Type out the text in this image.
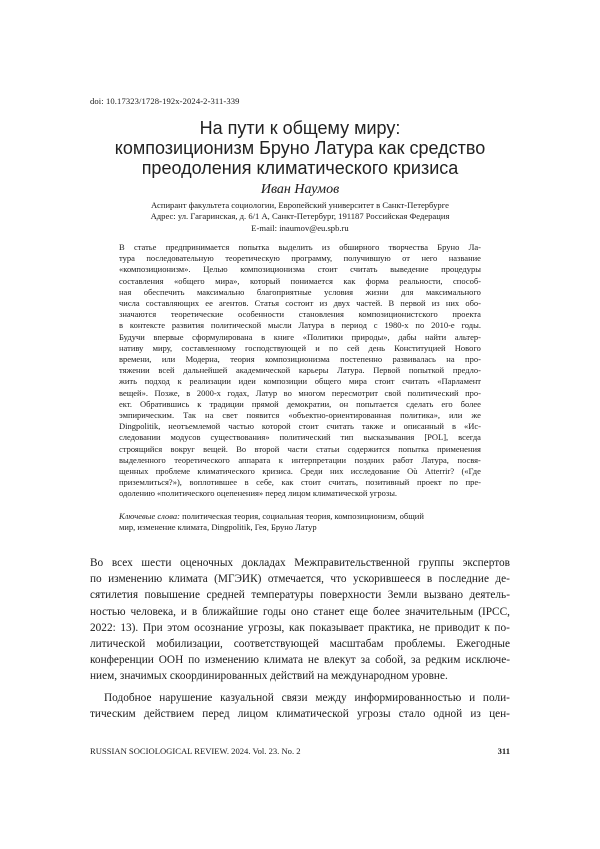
doi: 10.17323/1728-192x-2024-2-311-339
На пути к общему миру:
композиционизм Бруно Латура как средство
преодоления климатического кризиса
Иван Наумов
Аспирант факультета социологии, Европейский университет в Санкт-Петербурге
Адрес: ул. Гагаринская, д. 6/1 А, Санкт-Петербург, 191187 Российская Федерация
E-mail: inaumov@eu.spb.ru
В статье предпринимается попытка выделить из обширного творчества Бруно Ла-
тура последовательную теоретическую программу, получившую от него название
«композиционизм». Целью композиционизма стоит считать выведение процедуры
составления «общего мира», который понимается как форма реальности, способ-
ная обеспечить максимально благоприятные условия жизни для максимального
числа составляющих ее агентов. Статья состоит из двух частей. В первой из них обо-
значаются теоретические особенности становления композиционистского проекта
в контексте развития политической мысли Латура в период с 1980-х по 2010-е годы.
Будучи впервые сформулирована в книге «Политики природы», дабы найти альтер-
нативу миру, составленному господствующей и по сей день Конституцией Нового
времени, или Модерна, теория композиционизма постепенно развивалась на про-
тяжении всей дальнейшей академической карьеры Латура. Первой попыткой предло-
жить подход к реализации идеи композиции общего мира стоит считать «Парламент
вещей». Позже, в 2000-х годах, Латур во многом пересмотрит свой политический про-
ект. Обратившись к традиции прямой демократии, он попытается сделать его более
эмпирическим. Так на свет появится «объектно-ориентированная политика», или же
Dingpolitik, неотъемлемой частью которой стоит считать также и описанный в «Ис-
следовании модусов существования» политический тип высказывания [POL], всегда
строящийся вокруг вещей. Во второй части статьи содержится попытка применения
выделенного теоретического аппарата к интерпретации поздних работ Латура, посвя-
щенных проблеме климатического кризиса. Среди них исследование Où Atterrir? («Где
приземлиться?»), воплотившее в себе, как стоит считать, позитивный проект по пре-
одолению «политического оцепенения» перед лицом климатической угрозы.
Ключевые слова: политическая теория, социальная теория, композиционизм, общий
мир, изменение климата, Dingpolitik, Гея, Бруно Латур
Во всех шести оценочных докладах Межправительственной группы экспертов
по изменению климата (МГЭИК) отмечается, что ускорившееся в последние де-
сятилетия повышение средней температуры поверхности Земли вызвано деятель-
ностью человека, и в ближайшие годы оно станет еще более значительным (IPCC,
2022: 13). При этом осознание угрозы, как показывает практика, не приводит к по-
литической мобилизации, соответствующей масштабам проблемы. Ежегодные
конференции ООН по изменению климата не влекут за собой, за редким исключе-
нием, значимых скоординированных действий на международном уровне.
Подобное нарушение казуальной связи между информированностью и поли-
тическим действием перед лицом климатической угрозы стало одной из цен-
RUSSIAN SOCIOLOGICAL REVIEW. 2024. Vol. 23. No. 2	311
